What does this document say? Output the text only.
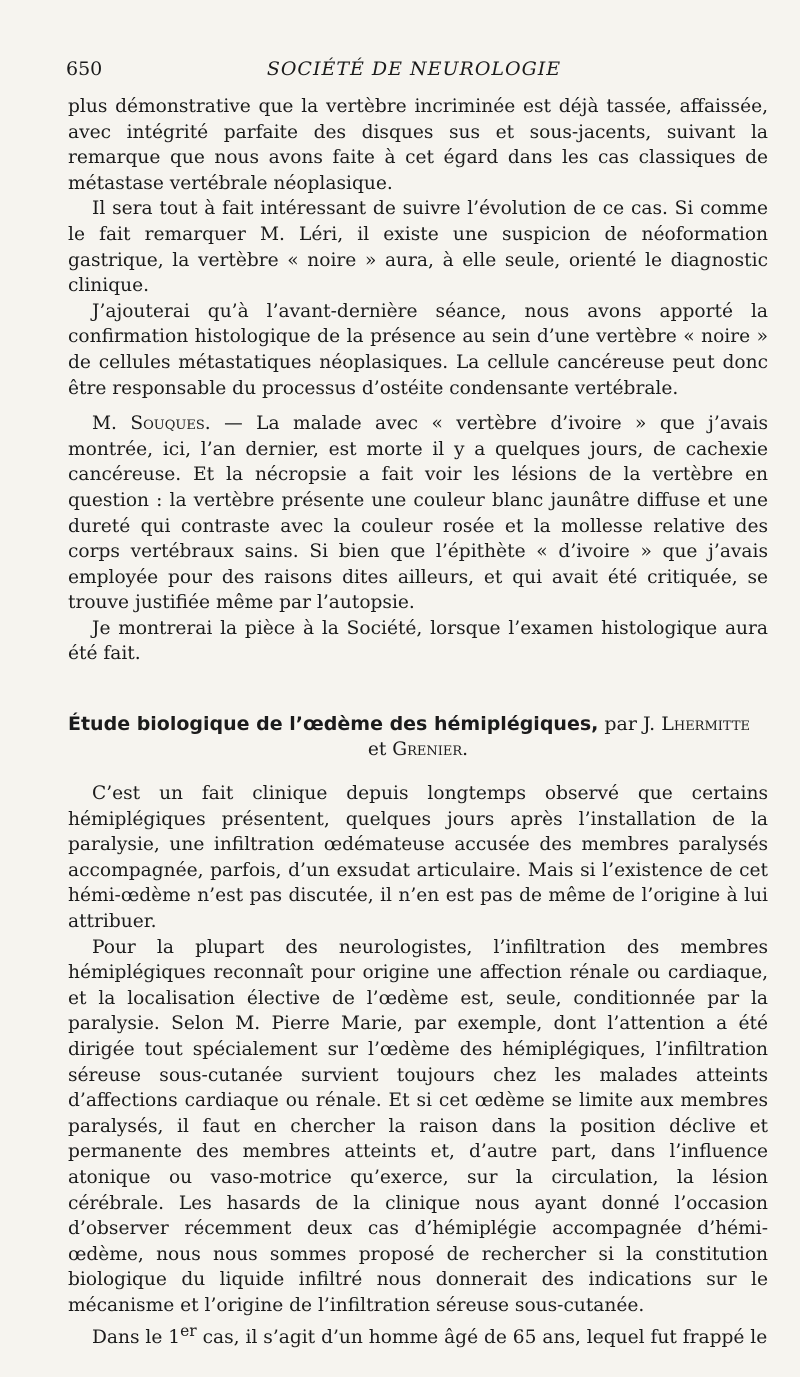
650	SOCIÉTÉ DE NEUROLOGIE

plus démonstrative que la vertèbre incriminée est déjà tassée, affaissée, avec intégrité parfaite des disques sus et sous-jacents, suivant la remarque que nous avons faite à cet égard dans les cas classiques de métastase vertébrale néoplasique.

Il sera tout à fait intéressant de suivre l’évolution de ce cas. Si comme le fait remarquer M. Léri, il existe une suspicion de néoformation gastrique, la vertèbre « noire » aura, à elle seule, orienté le diagnostic clinique.

J’ajouterai qu’à l’avant-dernière séance, nous avons apporté la confirmation histologique de la présence au sein d’une vertèbre « noire » de cellules métastatiques néoplasiques. La cellule cancéreuse peut donc être responsable du processus d’ostéite condensante vertébrale.

M. Souques. — La malade avec « vertèbre d’ivoire » que j’avais montrée, ici, l’an dernier, est morte il y a quelques jours, de cachexie cancéreuse. Et la nécropsie a fait voir les lésions de la vertèbre en question : la vertèbre présente une couleur blanc jaunâtre diffuse et une dureté qui contraste avec la couleur rosée et la mollesse relative des corps vertébraux sains. Si bien que l’épithète « d’ivoire » que j’avais employée pour des raisons dites ailleurs, et qui avait été critiquée, se trouve justifiée même par l’autopsie.

Je montrerai la pièce à la Société, lorsque l’examen histologique aura été fait.

Étude biologique de l’œdème des hémiplégiques, par J. Lhermitte
et Grenier.

C’est un fait clinique depuis longtemps observé que certains hémiplégiques présentent, quelques jours après l’installation de la paralysie, une infiltration œdémateuse accusée des membres paralysés accompagnée, parfois, d’un exsudat articulaire. Mais si l’existence de cet hémi-œdème n’est pas discutée, il n’en est pas de même de l’origine à lui attribuer.

Pour la plupart des neurologistes, l’infiltration des membres hémiplégiques reconnaît pour origine une affection rénale ou cardiaque, et la localisation élective de l’œdème est, seule, conditionnée par la paralysie. Selon M. Pierre Marie, par exemple, dont l’attention a été dirigée tout spécialement sur l’œdème des hémiplégiques, l’infiltration séreuse sous-cutanée survient toujours chez les malades atteints d’affections cardiaque ou rénale. Et si cet œdème se limite aux membres paralysés, il faut en chercher la raison dans la position déclive et permanente des membres atteints et, d’autre part, dans l’influence atonique ou vaso-motrice qu’exerce, sur la circulation, la lésion cérébrale. Les hasards de la clinique nous ayant donné l’occasion d’observer récemment deux cas d’hémiplégie accompagnée d’hémi-œdème, nous nous sommes proposé de rechercher si la constitution biologique du liquide infiltré nous donnerait des indications sur le mécanisme et l’origine de l’infiltration séreuse sous-cutanée.

Dans le 1er cas, il s’agit d’un homme âgé de 65 ans, lequel fut frappé le
